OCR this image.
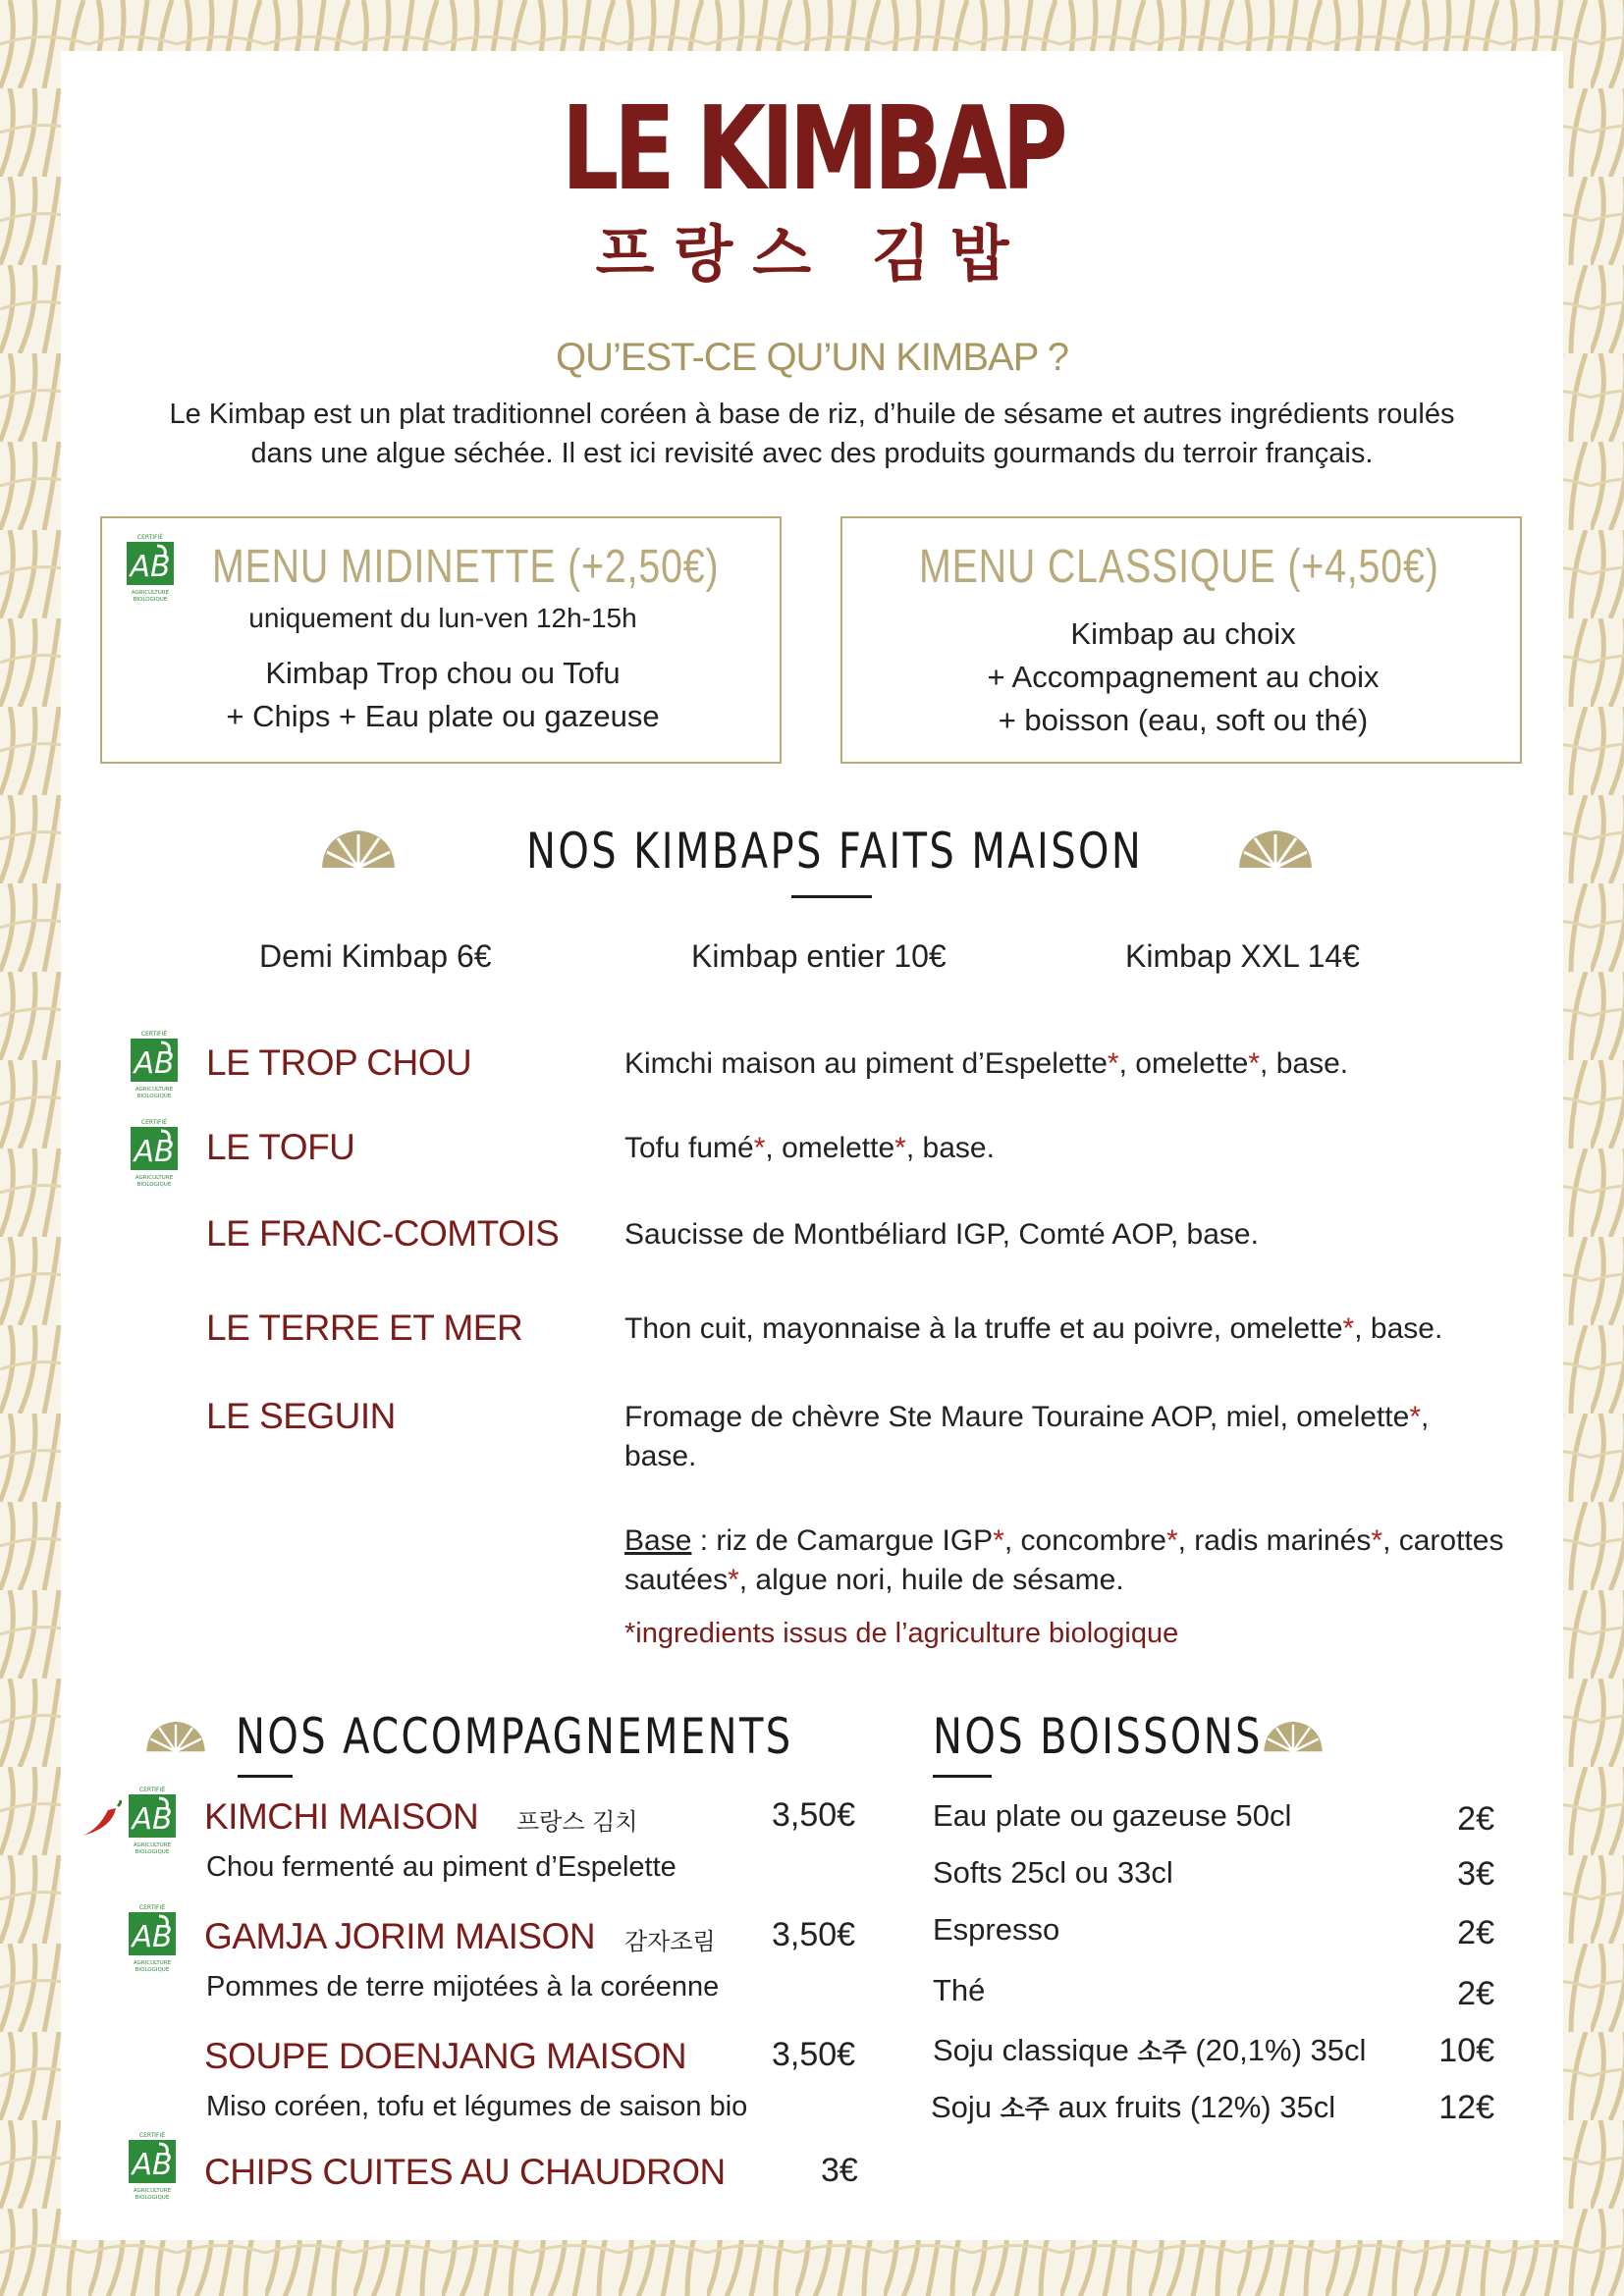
LE KIMBAP
프랑스 김밥
QU’EST-CE QU’UN KIMBAP ?
Le Kimbap est un plat traditionnel coréen à base de riz, d’huile de sésame et autres ingrédients roulés
dans une algue séchée. Il est ici revisité avec des produits gourmands du terroir français.
CERTIFIÉ
AB
AGRICULTURE
BIOLOGIQUE
MENU MIDINETTE (+2,50€)
uniquement du lun-ven 12h-15h
Kimbap Trop chou ou Tofu
+ Chips + Eau plate ou gazeuse
MENU CLASSIQUE (+4,50€)
Kimbap au choix
+ Accompagnement au choix
+ boisson (eau, soft ou thé)
NOS KIMBAPS FAITS MAISON
Demi Kimbap 6€	Kimbap entier 10€	Kimbap XXL 14€
CERTIFIÉ
AB
AGRICULTURE
BIOLOGIQUE
LE TROP CHOU	Kimchi maison au piment d’Espelette*, omelette*, base.
CERTIFIÉ
AB
AGRICULTURE
BIOLOGIQUE
LE TOFU	Tofu fumé*, omelette*, base.
LE FRANC-COMTOIS Saucisse de Montbéliard IGP, Comté AOP, base.
LE TERRE ET MER	Thon cuit, mayonnaise à la truffe et au poivre, omelette*, base.
LE SEGUIN	Fromage de chèvre Ste Maure Touraine AOP, miel, omelette*,
base.
Base : riz de Camargue IGP*, concombre*, radis marinés*, carottes
sautées*, algue nori, huile de sésame.
*ingredients issus de l’agriculture biologique
NOS ACCOMPAGNEMENTS
CERTIFIÉ
AB
AGRICULTURE
BIOLOGIQUE
KIMCHI MAISON 프랑스 김치	3,50€
Chou fermenté au piment d’Espelette
CERTIFIÉ
AB
AGRICULTURE
BIOLOGIQUE
GAMJA JORIM MAISON 감자조림 3,50€
Pommes de terre mijotées à la coréenne
SOUPE DOENJANG MAISON	3,50€
Miso coréen, tofu et légumes de saison bio
CERTIFIÉ
AB
AGRICULTURE
BIOLOGIQUE
CHIPS CUITES AU CHAUDRON	3€
NOS BOISSONS
Eau plate ou gazeuse 50cl	2€
Softs 25cl ou 33cl	3€
Espresso	2€
Thé	2€
Soju classique 소주 (20,1%) 35cl	10€
Soju 소주 aux fruits (12%) 35cl	12€
